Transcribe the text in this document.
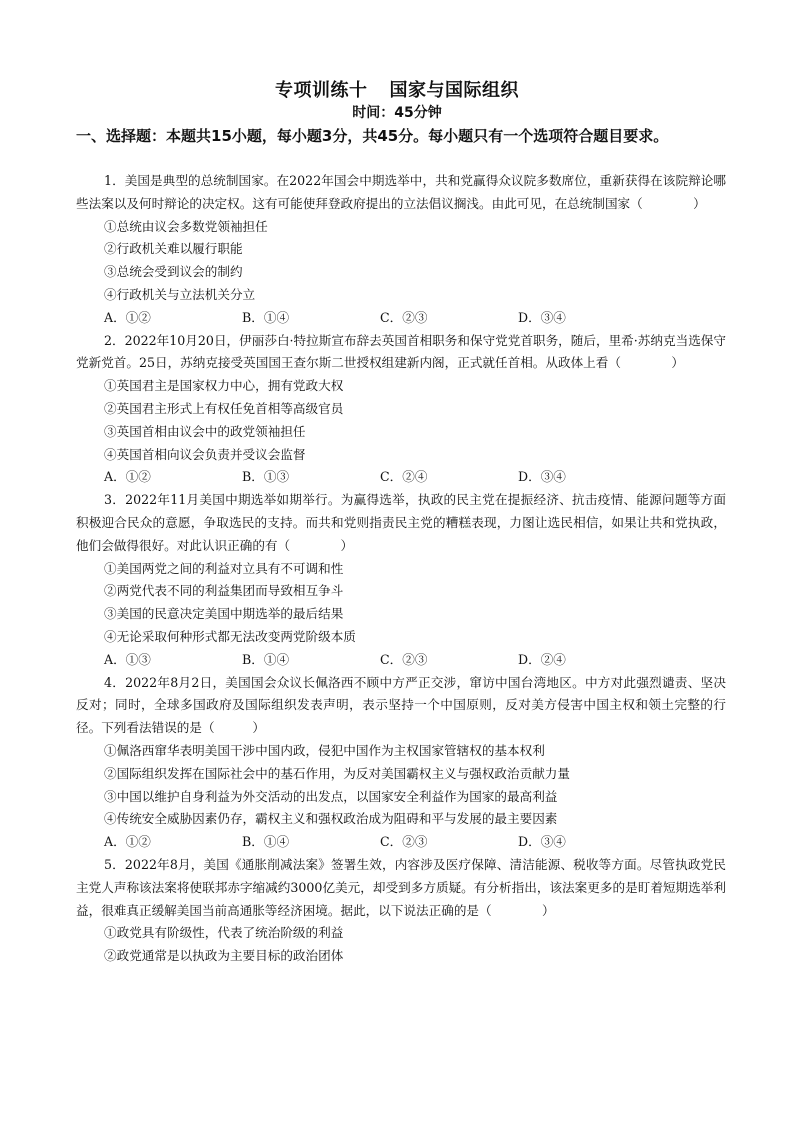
专项训练十 国家与国际组织
时间：45分钟
一、选择题：本题共15小题，每小题3分，共45分。每小题只有一个选项符合题目要求。
1．美国是典型的总统制国家。在2022年国会中期选举中，共和党赢得众议院多数席位，重新获得在该院辩论哪些法案以及何时辩论的决定权。这有可能使拜登政府提出的立法倡议搁浅。由此可见，在总统制国家（　　　　）
①总统由议会多数党领袖担任
②行政机关难以履行职能
③总统会受到议会的制约
④行政机关与立法机关分立
A．①②	B．①④	C．②③	D．③④
2．2022年10月20日，伊丽莎白·特拉斯宣布辞去英国首相职务和保守党党首职务，随后，里希·苏纳克当选保守党新党首。25日，苏纳克接受英国国王查尔斯二世授权组建新内阁，正式就任首相。从政体上看（　　　　）
①英国君主是国家权力中心，拥有党政大权
②英国君主形式上有权任免首相等高级官员
③英国首相由议会中的政党领袖担任
④英国首相向议会负责并受议会监督
A．①②	B．①③	C．②④	D．③④
3．2022年11月美国中期选举如期举行。为赢得选举，执政的民主党在提振经济、抗击疫情、能源问题等方面积极迎合民众的意愿，争取选民的支持。而共和党则指责民主党的糟糕表现，力图让选民相信，如果让共和党执政，他们会做得很好。对此认识正确的有（　　　　）
①美国两党之间的利益对立具有不可调和性
②两党代表不同的利益集团而导致相互争斗
③美国的民意决定美国中期选举的最后结果
④无论采取何种形式都无法改变两党阶级本质
A．①③	B．①④	C．②③	D．②④
4．2022年8月2日，美国国会众议长佩洛西不顾中方严正交涉，窜访中国台湾地区。中方对此强烈谴责、坚决反对；同时，全球多国政府及国际组织发表声明，表示坚持一个中国原则，反对美方侵害中国主权和领土完整的行径。下列看法错误的是（　　　）
①佩洛西窜华表明美国干涉中国内政，侵犯中国作为主权国家管辖权的基本权利
②国际组织发挥在国际社会中的基石作用，为反对美国霸权主义与强权政治贡献力量
③中国以维护自身利益为外交活动的出发点，以国家安全利益作为国家的最高利益
④传统安全威胁因素仍存，霸权主义和强权政治成为阻碍和平与发展的最主要因素
A．①②	B．①④	C．②③	D．③④
5．2022年8月，美国《通胀削减法案》签署生效，内容涉及医疗保障、清洁能源、税收等方面。尽管执政党民主党人声称该法案将使联邦赤字缩减约3000亿美元，却受到多方质疑。有分析指出，该法案更多的是盯着短期选举利益，很难真正缓解美国当前高通胀等经济困境。据此，以下说法正确的是（　　　　）
①政党具有阶级性，代表了统治阶级的利益
②政党通常是以执政为主要目标的政治团体
